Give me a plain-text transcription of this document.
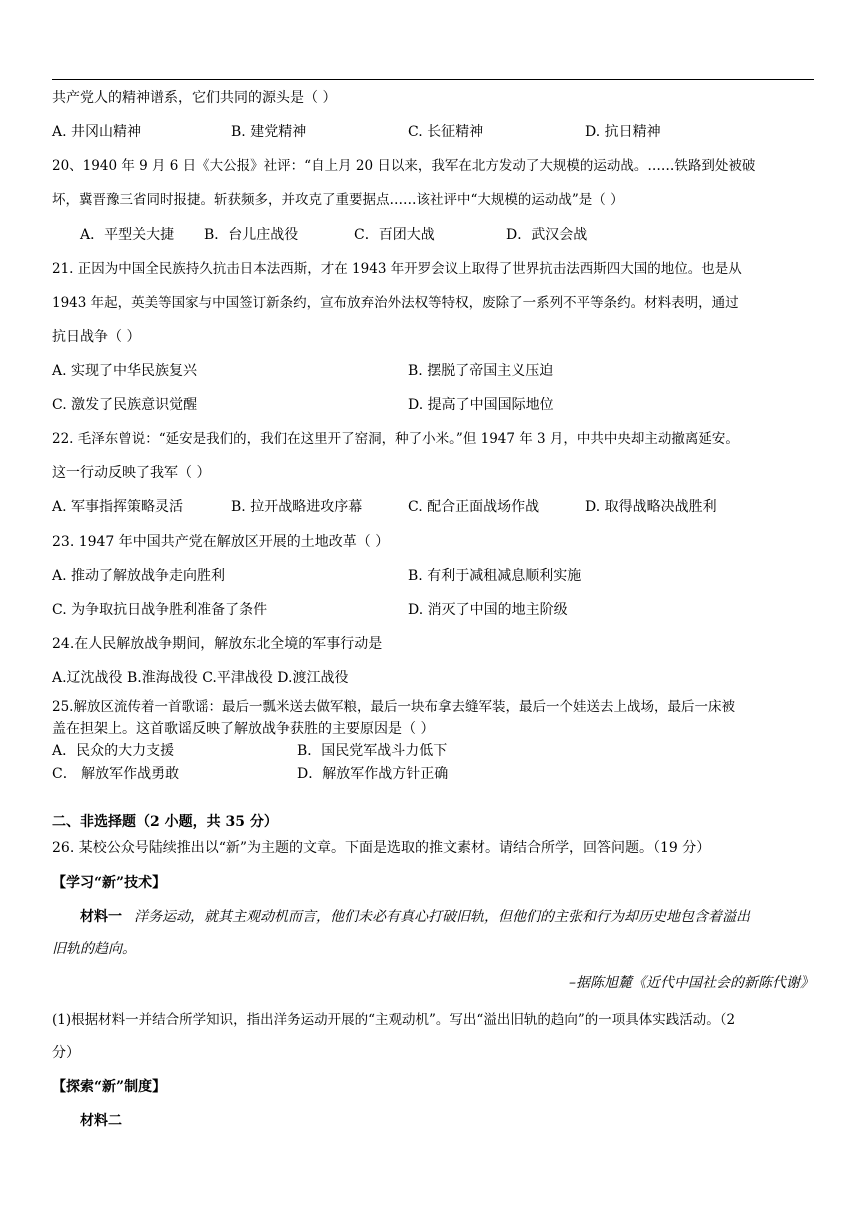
共产党人的精神谱系，它们共同的源头是（ ）
A. 井冈山精神	B. 建党精神	C. 长征精神	D. 抗日精神
20、1940 年 9 月 6 日《大公报》社评：“自上月 20 日以来，我军在北方发动了大规模的运动战。……铁路到处被破
坏，冀晋豫三省同时报捷。斩获频多，并攻克了重要据点……该社评中“大规模的运动战”是（ ）
A．平型关大捷 B．台儿庄战役	C．百团大战	D．武汉会战
21. 正因为中国全民族持久抗击日本法西斯，才在 1943 年开罗会议上取得了世界抗击法西斯四大国的地位。也是从
1943 年起，英美等国家与中国签订新条约，宣布放弃治外法权等特权，废除了一系列不平等条约。材料表明，通过
抗日战争（ ）
A. 实现了中华民族复兴	B. 摆脱了帝国主义压迫
C. 激发了民族意识觉醒	D. 提高了中国国际地位
22. 毛泽东曾说：“延安是我们的，我们在这里开了窑洞，种了小米。”但 1947 年 3 月，中共中央却主动撤离延安。
这一行动反映了我军（ ）
A. 军事指挥策略灵活	B. 拉开战略进攻序幕	C. 配合正面战场作战	D. 取得战略决战胜利
23. 1947 年中国共产党在解放区开展的土地改革（ ）
A. 推动了解放战争走向胜利	B. 有利于减租减息顺利实施
C. 为争取抗日战争胜利准备了条件	D. 消灭了中国的地主阶级
24.在人民解放战争期间，解放东北全境的军事行动是
A.辽沈战役 B.淮海战役 C.平津战役 D.渡江战役
25.解放区流传着一首歌谣：最后一瓢米送去做军粮，最后一块布拿去缝军装，最后一个娃送去上战场，最后一床被
盖在担架上。这首歌谣反映了解放战争获胜的主要原因是（ ）
A．民众的大力支援	B．国民党军战斗力低下
C． 解放军作战勇敢	D．解放军作战方针正确
二、非选择题（2 小题，共 35 分）
26. 某校公众号陆续推出以“新”为主题的文章。下面是选取的推文素材。请结合所学，回答问题。（19 分）
【学习“新”技术】
材料一 洋务运动，就其主观动机而言，他们未必有真心打破旧轨，但他们的主张和行为却历史地包含着溢出
旧轨的趋向。
–据陈旭麓《近代中国社会的新陈代谢》
(1)根据材料一并结合所学知识，指出洋务运动开展的“主观动机”。写出“溢出旧轨的趋向”的一项具体实践活动。（2
分）
【探索“新”制度】
材料二
